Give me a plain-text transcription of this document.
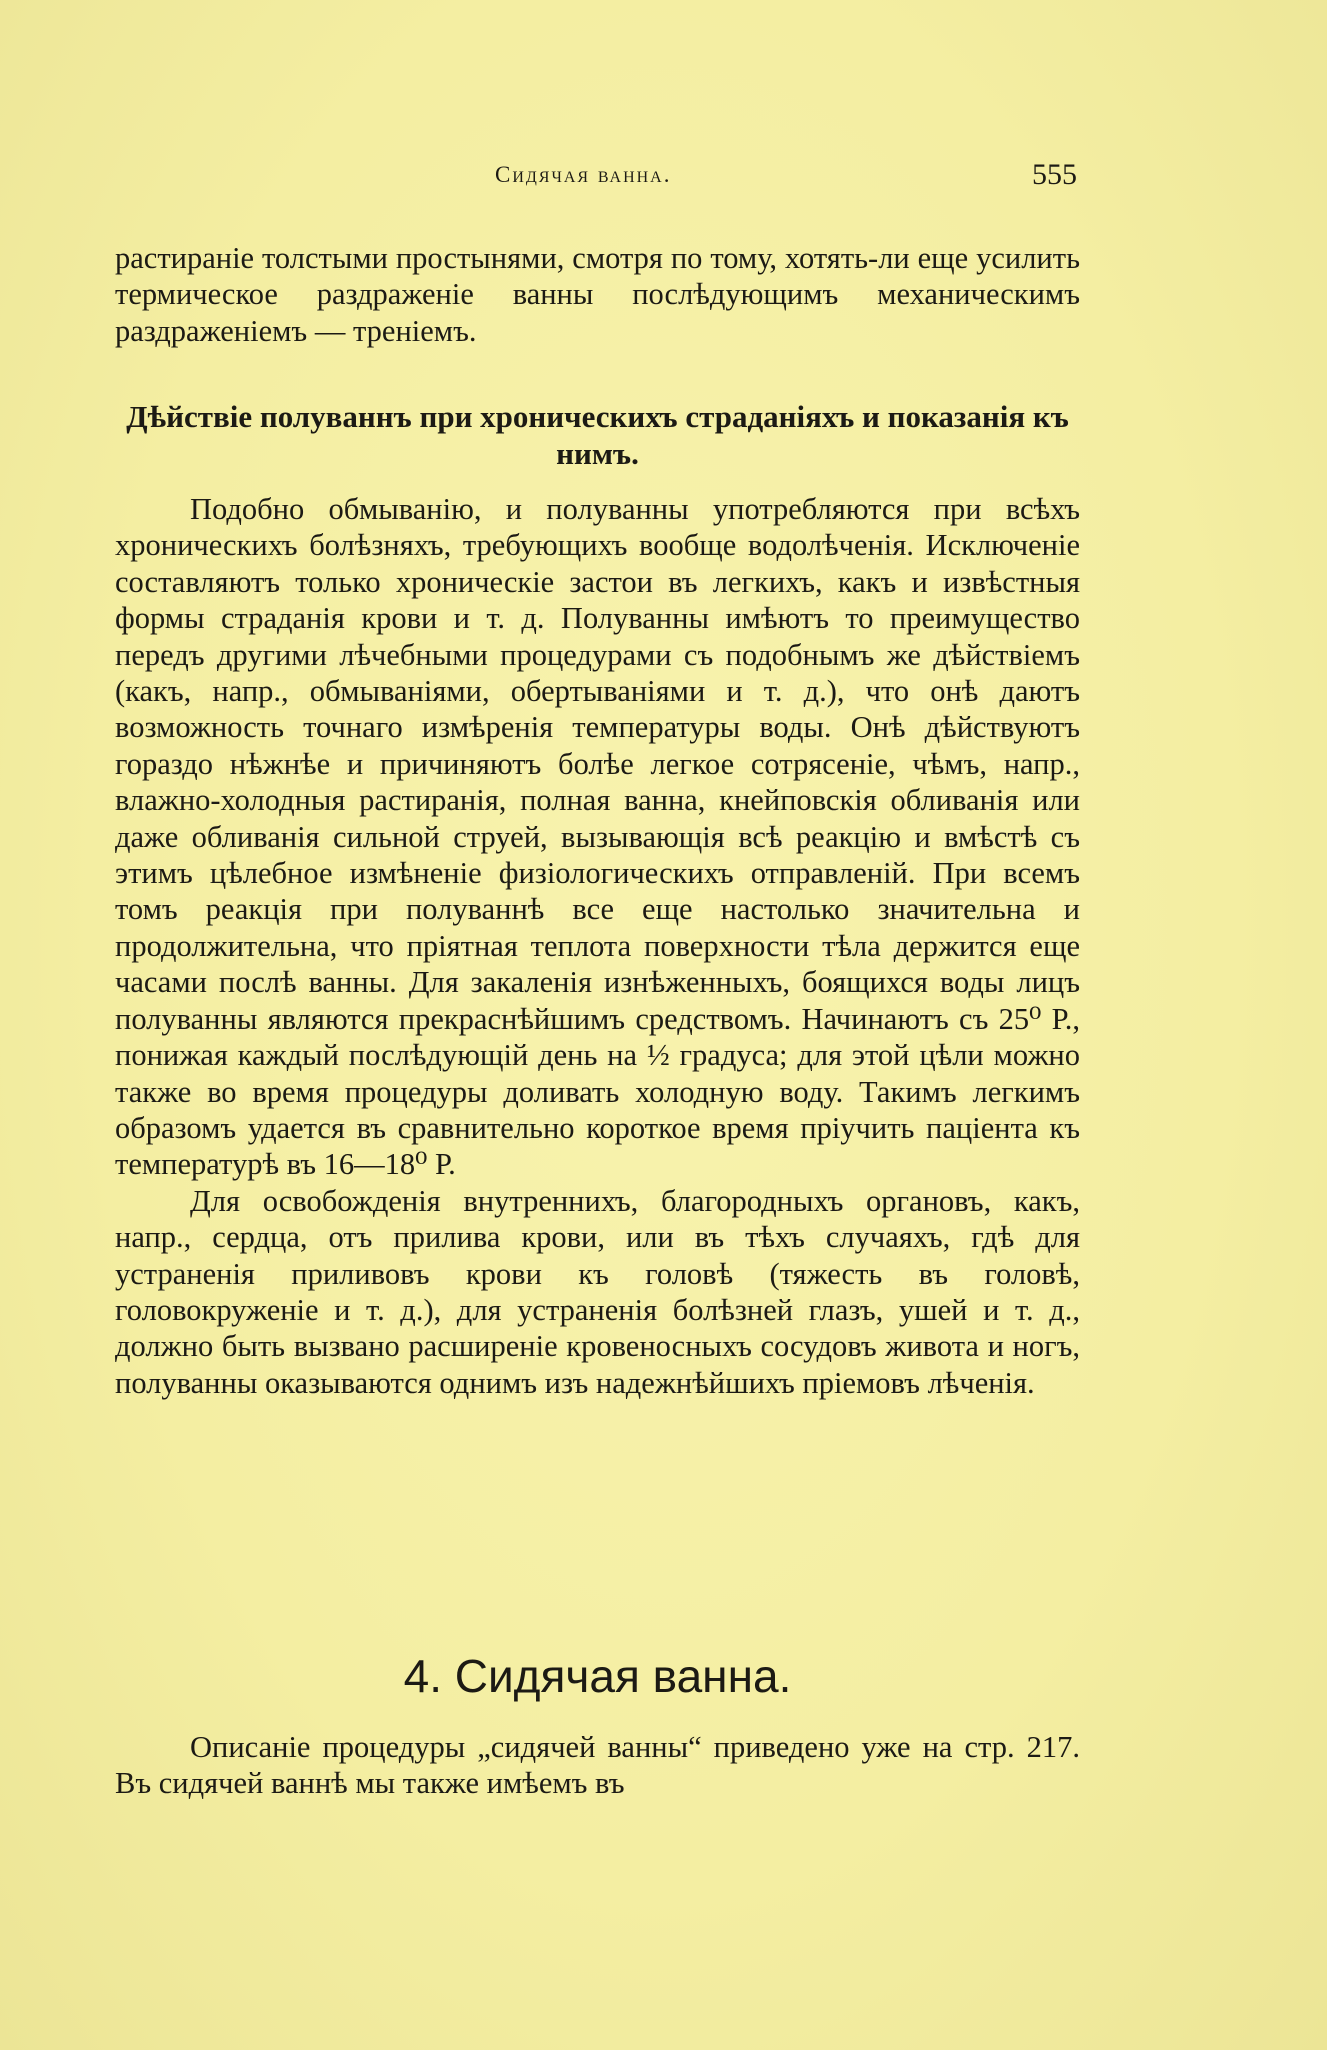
Сидячая ванна.	555

растираніе толстыми простынями, смотря по тому, хотять-ли еще усилить термическое раздраженіе ванны послѣдующимъ механическимъ раздраженіемъ — треніемъ.

Дѣйствіе полуваннъ при хроническихъ страданіяхъ и показанія къ нимъ.

Подобно обмыванію, и полуванны употребляются при всѣхъ хроническихъ болѣзняхъ, требующихъ вообще водолѣченія. Исключеніе составляютъ только хроническіе застои въ легкихъ, какъ и извѣстныя формы страданія крови и т. д. Полуванны имѣютъ то преимущество передъ другими лѣчебными процедурами съ подобнымъ же дѣйствіемъ (какъ, напр., обмываніями, обертываніями и т. д.), что онѣ даютъ возможность точнаго измѣренія температуры воды. Онѣ дѣйствуютъ гораздо нѣжнѣе и причиняютъ болѣе легкое сотрясеніе, чѣмъ, напр., влажно-холодныя растиранія, полная ванна, кнейповскія обливанія или даже обливанія сильной струей, вызывающія всѣ реакцію и вмѣстѣ съ этимъ цѣлебное измѣненіе физіологическихъ отправленій. При всемъ томъ реакція при полуваннѣ все еще настолько значительна и продолжительна, что пріятная теплота поверхности тѣла держится еще часами послѣ ванны. Для закаленія изнѣженныхъ, боящихся воды лицъ полуванны являются прекраснѣйшимъ средствомъ. Начинаютъ съ 25⁰ Р., понижая каждый послѣдующій день на ½ градуса; для этой цѣли можно также во время процедуры доливать холодную воду. Такимъ легкимъ образомъ удается въ сравнительно короткое время пріучить паціента къ температурѣ въ 16—18⁰ Р.

Для освобожденія внутреннихъ, благородныхъ органовъ, какъ, напр., сердца, отъ прилива крови, или въ тѣхъ случаяхъ, гдѣ для устраненія приливовъ крови къ головѣ (тяжесть въ головѣ, головокруженіе и т. д.), для устраненія болѣзней глазъ, ушей и т. д., должно быть вызвано расширеніе кровеносныхъ сосудовъ живота и ногъ, полуванны оказываются однимъ изъ надежнѣйшихъ пріемовъ лѣченія.

4. Сидячая ванна.

Описаніе процедуры „сидячей ванны“ приведено уже на стр. 217. Въ сидячей ваннѣ мы также имѣемъ въ
